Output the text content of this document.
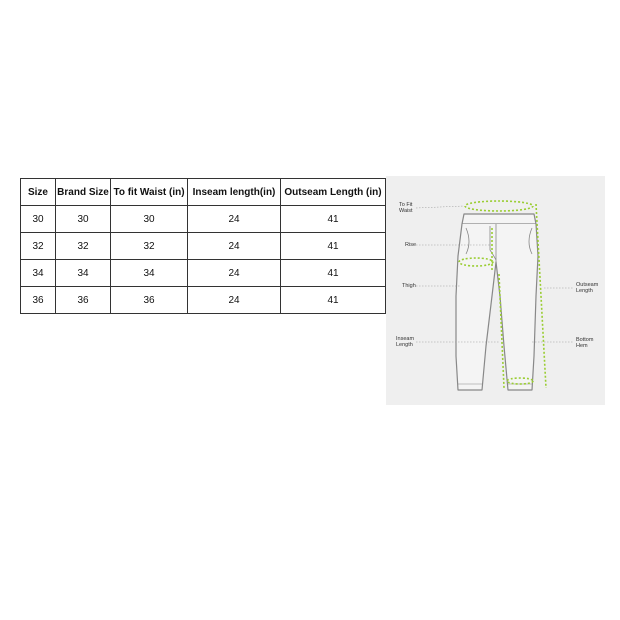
Size	Brand Size	To fit Waist (in)	Inseam length(in)	Outseam Length (in)
30	30	30	24	41
32	32	32	24	41
34	34	34	24	41
36	36	36	24	41
To Fit
Waist
Rise
Thigh
Inseam
Length
Outseam
Length
Bottom
Hem
